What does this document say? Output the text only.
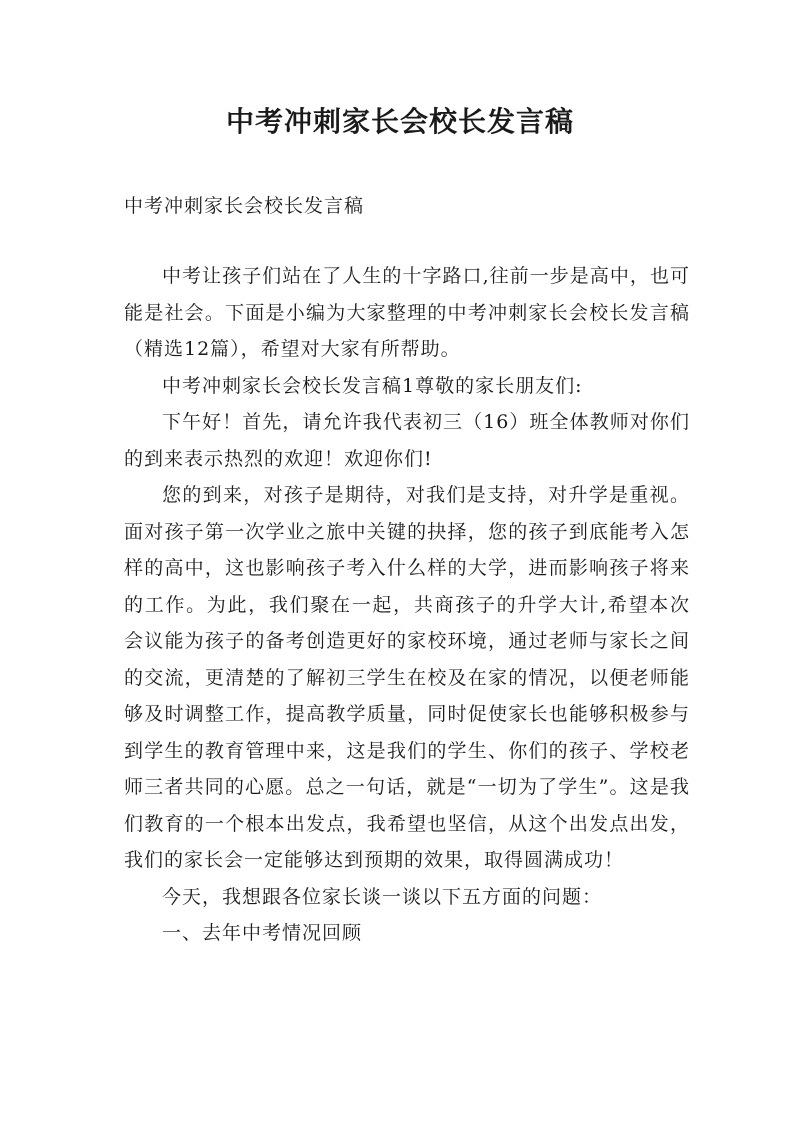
中考冲刺家长会校长发言稿
中考冲刺家长会校长发言稿

中考让孩子们站在了人生的十字路口,往前一步是高中，也可能是社会。下面是小编为大家整理的中考冲刺家长会校长发言稿（精选12篇），希望对大家有所帮助。

中考冲刺家长会校长发言稿1尊敬的家长朋友们:

下午好！首先，请允许我代表初三（16）班全体教师对你们的到来表示热烈的欢迎！欢迎你们!

您的到来，对孩子是期待，对我们是支持，对升学是重视。面对孩子第一次学业之旅中关键的抉择，您的孩子到底能考入怎样的高中，这也影响孩子考入什么样的大学，进而影响孩子将来的工作。为此，我们聚在一起，共商孩子的升学大计,希望本次会议能为孩子的备考创造更好的家校环境，通过老师与家长之间的交流，更清楚的了解初三学生在校及在家的情况，以便老师能够及时调整工作，提高教学质量，同时促使家长也能够积极参与到学生的教育管理中来，这是我们的学生、你们的孩子、学校老师三者共同的心愿。总之一句话，就是“一切为了学生”。这是我们教育的一个根本出发点，我希望也坚信，从这个出发点出发，我们的家长会一定能够达到预期的效果，取得圆满成功！

今天，我想跟各位家长谈一谈以下五方面的问题：

一、去年中考情况回顾
